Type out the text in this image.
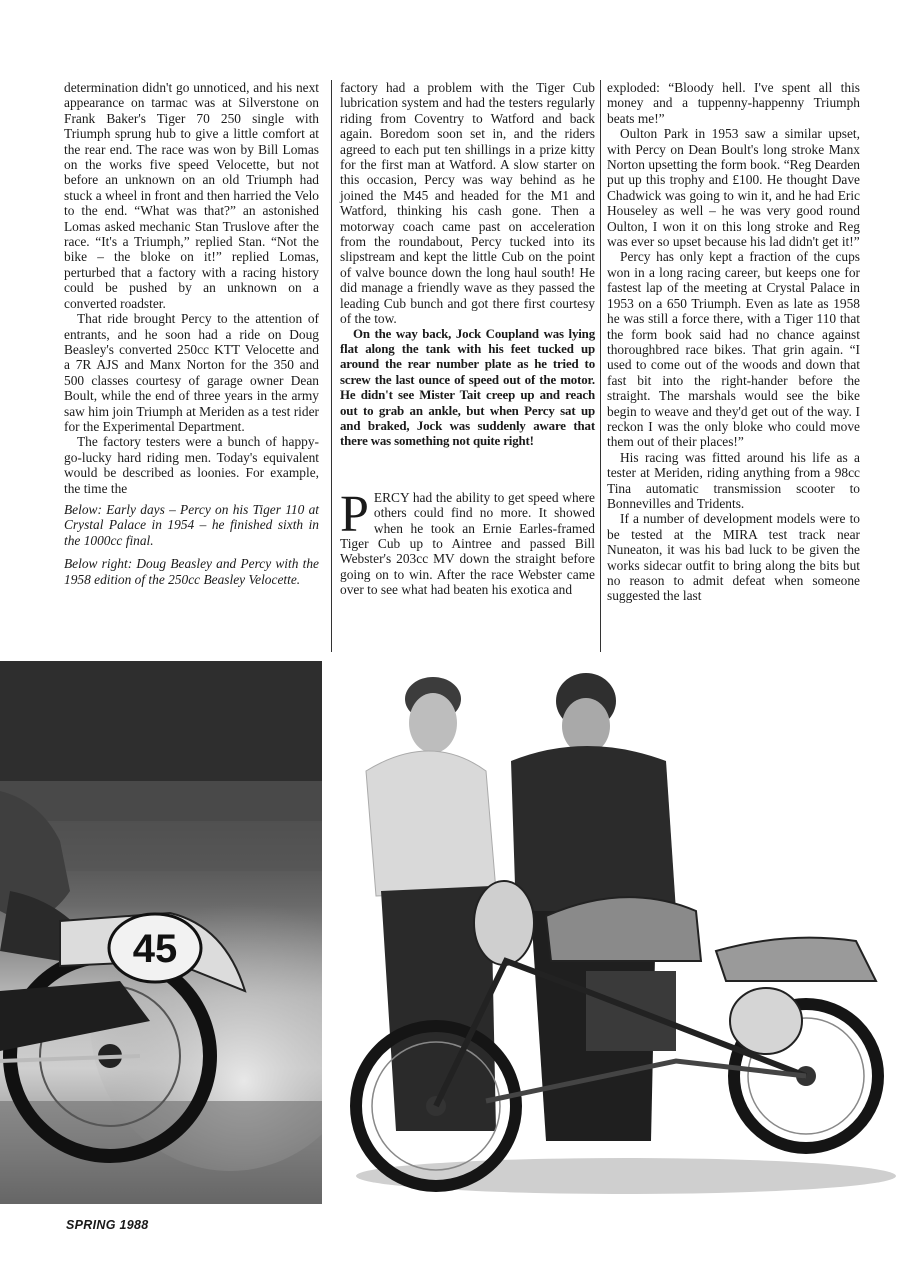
determination didn't go unnoticed, and his next appearance on tarmac was at Silverstone on Frank Baker's Tiger 70 250 single with Triumph sprung hub to give a little comfort at the rear end. The race was won by Bill Lomas on the works five speed Velocette, but not before an unknown on an old Triumph had stuck a wheel in front and then harried the Velo to the end. “What was that?” an astonished Lomas asked mechanic Stan Truslove after the race. “It's a Triumph,” replied Stan. “Not the bike – the bloke on it!” replied Lomas, perturbed that a factory with a racing history could be pushed by an unknown on a converted roadster.

That ride brought Percy to the attention of entrants, and he soon had a ride on Doug Beasley's converted 250cc KTT Velocette and a 7R AJS and Manx Norton for the 350 and 500 classes courtesy of garage owner Dean Boult, while the end of three years in the army saw him join Triumph at Meriden as a test rider for the Experimental Department.

The factory testers were a bunch of happy-go-lucky hard riding men. Today's equivalent would be described as loonies. For example, the time the

Below: Early days – Percy on his Tiger 110 at Crystal Palace in 1954 – he finished sixth in the 1000cc final.

Below right: Doug Beasley and Percy with the 1958 edition of the 250cc Beasley Velocette.

factory had a problem with the Tiger Cub lubrication system and had the testers regularly riding from Coventry to Watford and back again. Boredom soon set in, and the riders agreed to each put ten shillings in a prize kitty for the first man at Watford. A slow starter on this occasion, Percy was way behind as he joined the M45 and headed for the M1 and Watford, thinking his cash gone. Then a motorway coach came past on acceleration from the roundabout, Percy tucked into its slipstream and kept the little Cub on the point of valve bounce down the long haul south! He did manage a friendly wave as they passed the leading Cub bunch and got there first courtesy of the tow.

On the way back, Jock Coupland was lying flat along the tank with his feet tucked up around the rear number plate as he tried to screw the last ounce of speed out of the motor. He didn't see Mister Tait creep up and reach out to grab an ankle, but when Percy sat up and braked, Jock was suddenly aware that there was something not quite right!

P ERCY had the ability to get speed where others could find no more. It showed when he took an Ernie Earles-framed Tiger Cub up to Aintree and passed Bill Webster's 203cc MV down the straight before going on to win. After the race Webster came over to see what had beaten his exotica and

exploded: “Bloody hell. I've spent all this money and a tuppenny-happenny Triumph beats me!”

Oulton Park in 1953 saw a similar upset, with Percy on Dean Boult's long stroke Manx Norton upsetting the form book. “Reg Dearden put up this trophy and £100. He thought Dave Chadwick was going to win it, and he had Eric Houseley as well – he was very good round Oulton, I won it on this long stroke and Reg was ever so upset because his lad didn't get it!”

Percy has only kept a fraction of the cups won in a long racing career, but keeps one for fastest lap of the meeting at Crystal Palace in 1953 on a 650 Triumph. Even as late as 1958 he was still a force there, with a Tiger 110 that the form book said had no chance against thoroughbred race bikes. That grin again. “I used to come out of the woods and down that fast bit into the right-hander before the straight. The marshals would see the bike begin to weave and they'd get out of the way. I reckon I was the only bloke who could move them out of their places!”

His racing was fitted around his life as a tester at Meriden, riding anything from a 98cc Tina automatic transmission scooter to Bonnevilles and Tridents.

If a number of development models were to be tested at the MIRA test track near Nuneaton, it was his bad luck to be given the works sidecar outfit to bring along the bits but no reason to admit defeat when someone suggested the last

45
SPRING 1988
